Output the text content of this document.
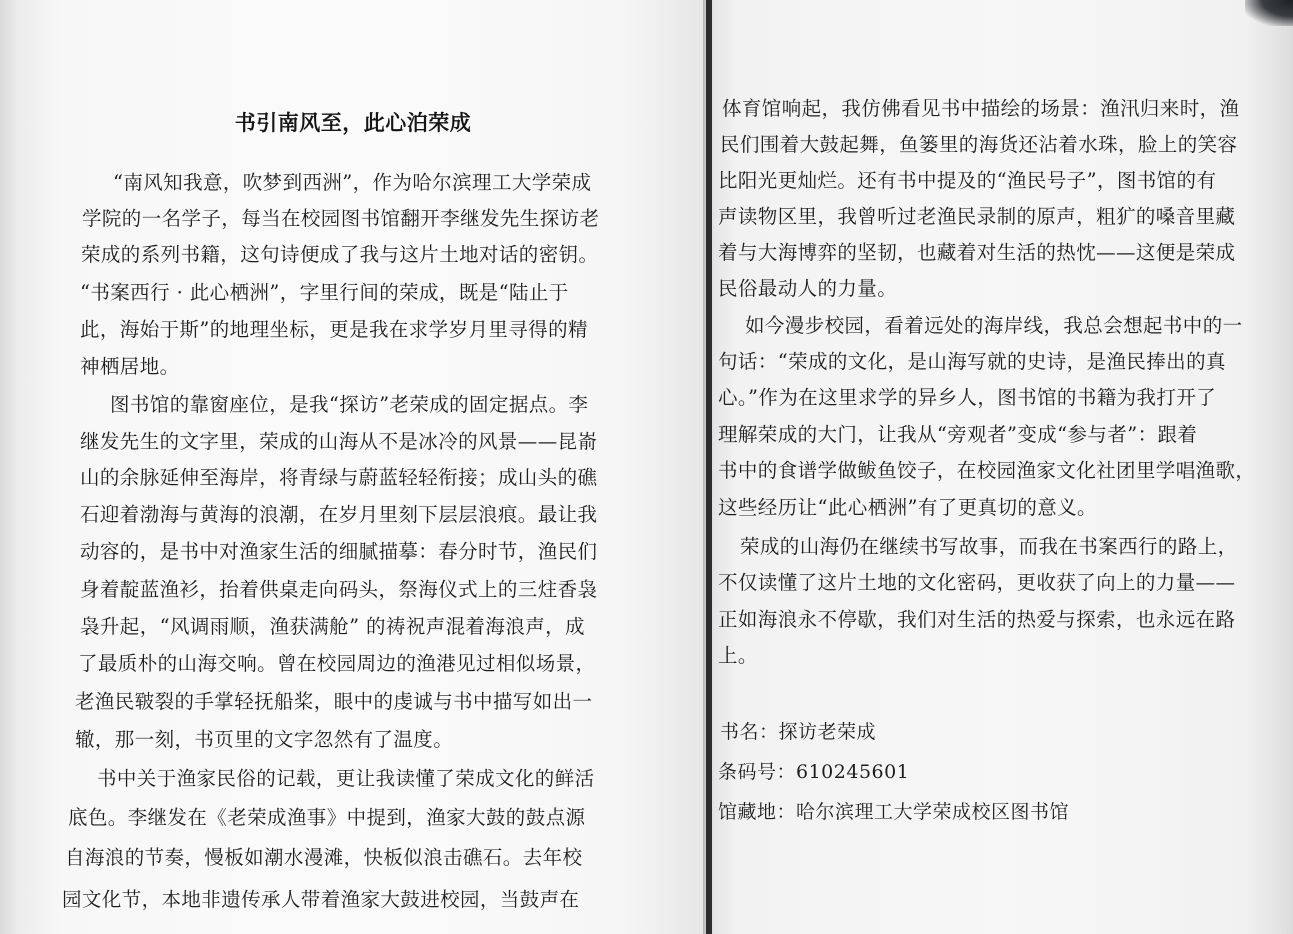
书引南风至，此心泊荣成
“南风知我意，吹梦到西洲”，作为哈尔滨理工大学荣成
学院的一名学子，每当在校园图书馆翻开李继发先生探访老
荣成的系列书籍，这句诗便成了我与这片土地对话的密钥。
“书案西行 · 此心栖洲”，字里行间的荣成，既是“陆止于
此，海始于斯”的地理坐标，更是我在求学岁月里寻得的精
神栖居地。
图书馆的靠窗座位，是我“探访”老荣成的固定据点。李
继发先生的文字里，荣成的山海从不是冰冷的风景——昆嵛
山的余脉延伸至海岸，将青绿与蔚蓝轻轻衔接；成山头的礁
石迎着渤海与黄海的浪潮，在岁月里刻下层层浪痕。最让我
动容的，是书中对渔家生活的细腻描摹：春分时节，渔民们
身着靛蓝渔衫，抬着供桌走向码头，祭海仪式上的三炷香袅
袅升起，“风调雨顺，渔获满舱” 的祷祝声混着海浪声，成
了最质朴的山海交响。曾在校园周边的渔港见过相似场景，
老渔民皲裂的手掌轻抚船桨，眼中的虔诚与书中描写如出一
辙，那一刻，书页里的文字忽然有了温度。
书中关于渔家民俗的记载，更让我读懂了荣成文化的鲜活
底色。李继发在《老荣成渔事》中提到，渔家大鼓的鼓点源
自海浪的节奏，慢板如潮水漫滩，快板似浪击礁石。去年校
园文化节，本地非遗传承人带着渔家大鼓进校园，当鼓声在
体育馆响起，我仿佛看见书中描绘的场景：渔汛归来时，渔
民们围着大鼓起舞，鱼篓里的海货还沾着水珠，脸上的笑容
比阳光更灿烂。还有书中提及的“渔民号子”，图书馆的有
声读物区里，我曾听过老渔民录制的原声，粗犷的嗓音里藏
着与大海博弈的坚韧，也藏着对生活的热忱——这便是荣成
民俗最动人的力量。
如今漫步校园，看着远处的海岸线，我总会想起书中的一
句话：“荣成的文化，是山海写就的史诗，是渔民捧出的真
心。”作为在这里求学的异乡人，图书馆的书籍为我打开了
理解荣成的大门，让我从“旁观者”变成“参与者”：跟着
书中的食谱学做鲅鱼饺子，在校园渔家文化社团里学唱渔歌，
这些经历让“此心栖洲”有了更真切的意义。
荣成的山海仍在继续书写故事，而我在书案西行的路上，
不仅读懂了这片土地的文化密码，更收获了向上的力量——
正如海浪永不停歇，我们对生活的热爱与探索，也永远在路
上。
书名：探访老荣成
条码号：610245601
馆藏地：哈尔滨理工大学荣成校区图书馆
